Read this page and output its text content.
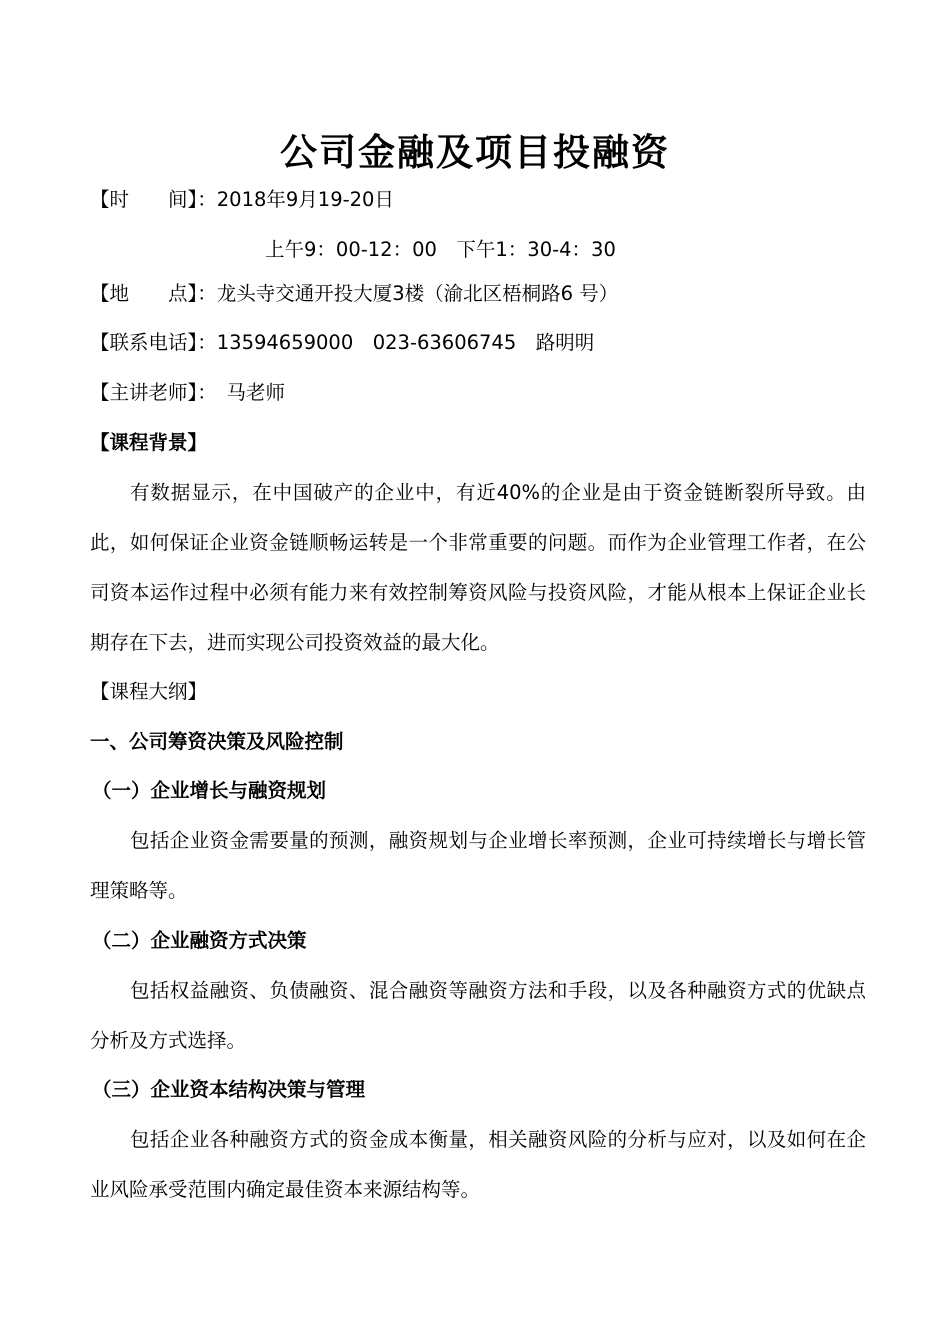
公司金融及项目投融资
【时　　间】：2018年9月19-20日
上午9：00-12：00　下午1：30-4：30
【地　　点】：龙头寺交通开投大厦3楼（渝北区梧桐路6 号）
【联系电话】：13594659000　023-63606745　路明明
【主讲老师】：　马老师
【课程背景】
有数据显示，在中国破产的企业中，有近40%的企业是由于资金链断裂所导致。由此，如何保证企业资金链顺畅运转是一个非常重要的问题。而作为企业管理工作者，在公司资本运作过程中必须有能力来有效控制筹资风险与投资风险，才能从根本上保证企业长期存在下去，进而实现公司投资效益的最大化。
【课程大纲】
一、公司筹资决策及风险控制
（一）企业增长与融资规划
包括企业资金需要量的预测，融资规划与企业增长率预测，企业可持续增长与增长管理策略等。
（二）企业融资方式决策
包括权益融资、负债融资、混合融资等融资方法和手段，以及各种融资方式的优缺点分析及方式选择。
（三）企业资本结构决策与管理
包括企业各种融资方式的资金成本衡量，相关融资风险的分析与应对，以及如何在企业风险承受范围内确定最佳资本来源结构等。
